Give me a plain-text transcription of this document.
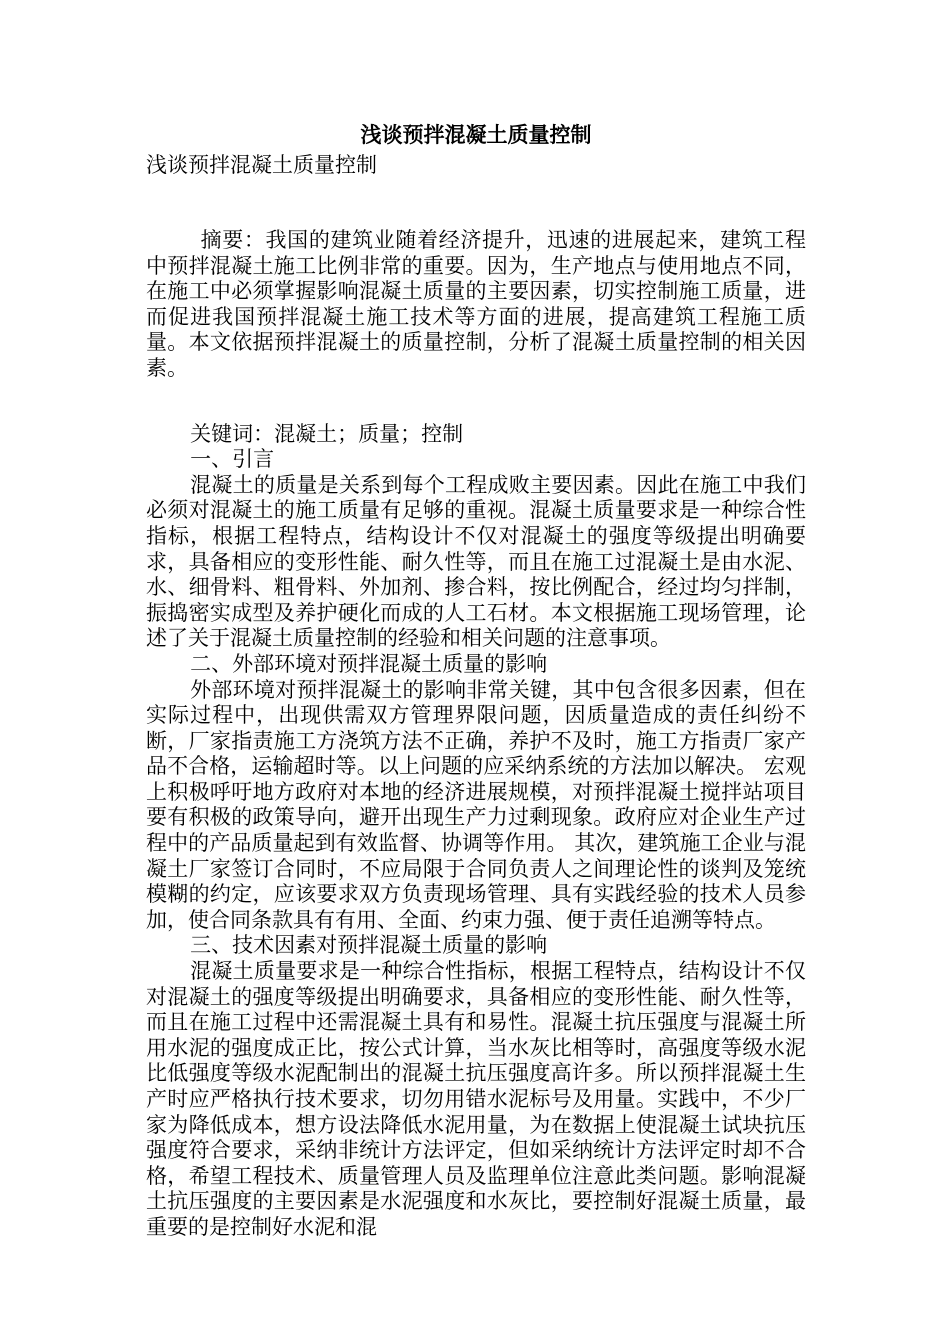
浅谈预拌混凝土质量控制
浅谈预拌混凝土质量控制

摘要：我国的建筑业随着经济提升，迅速的进展起来，建筑工程中预拌混凝土施工比例非常的重要。因为，生产地点与使用地点不同，在施工中必须掌握影响混凝土质量的主要因素，切实控制施工质量，进而促进我国预拌混凝土施工技术等方面的进展，提高建筑工程施工质量。本文依据预拌混凝土的质量控制，分析了混凝土质量控制的相关因素。

关键词：混凝土；质量；控制

一、引言

混凝土的质量是关系到每个工程成败主要因素。因此在施工中我们必须对混凝土的施工质量有足够的重视。混凝土质量要求是一种综合性指标，根据工程特点，结构设计不仅对混凝土的强度等级提出明确要求，具备相应的变形性能、耐久性等，而且在施工过混凝土是由水泥、水、细骨料、粗骨料、外加剂、掺合料，按比例配合，经过均匀拌制，振捣密实成型及养护硬化而成的人工石材。本文根据施工现场管理，论述了关于混凝土质量控制的经验和相关问题的注意事项。

二、外部环境对预拌混凝土质量的影响

外部环境对预拌混凝土的影响非常关键，其中包含很多因素，但在实际过程中，出现供需双方管理界限问题，因质量造成的责任纠纷不断，厂家指责施工方浇筑方法不正确，养护不及时，施工方指责厂家产品不合格，运输超时等。以上问题的应采纳系统的方法加以解决。 宏观上积极呼吁地方政府对本地的经济进展规模，对预拌混凝土搅拌站项目要有积极的政策导向，避开出现生产力过剩现象。政府应对企业生产过程中的产品质量起到有效监督、协调等作用。 其次，建筑施工企业与混凝土厂家签订合同时，不应局限于合同负责人之间理论性的谈判及笼统模糊的约定，应该要求双方负责现场管理、具有实践经验的技术人员参加，使合同条款具有有用、全面、约束力强、便于责任追溯等特点。

三、技术因素对预拌混凝土质量的影响

混凝土质量要求是一种综合性指标，根据工程特点，结构设计不仅对混凝土的强度等级提出明确要求，具备相应的变形性能、耐久性等，而且在施工过程中还需混凝土具有和易性。混凝土抗压强度与混凝土所用水泥的强度成正比，按公式计算，当水灰比相等时，高强度等级水泥比低强度等级水泥配制出的混凝土抗压强度高许多。所以预拌混凝土生产时应严格执行技术要求，切勿用错水泥标号及用量。实践中，不少厂家为降低成本，想方设法降低水泥用量，为在数据上使混凝土试块抗压强度符合要求，采纳非统计方法评定，但如采纳统计方法评定时却不合格，希望工程技术、质量管理人员及监理单位注意此类问题。影响混凝土抗压强度的主要因素是水泥强度和水灰比，要控制好混凝土质量，最重要的是控制好水泥和混
